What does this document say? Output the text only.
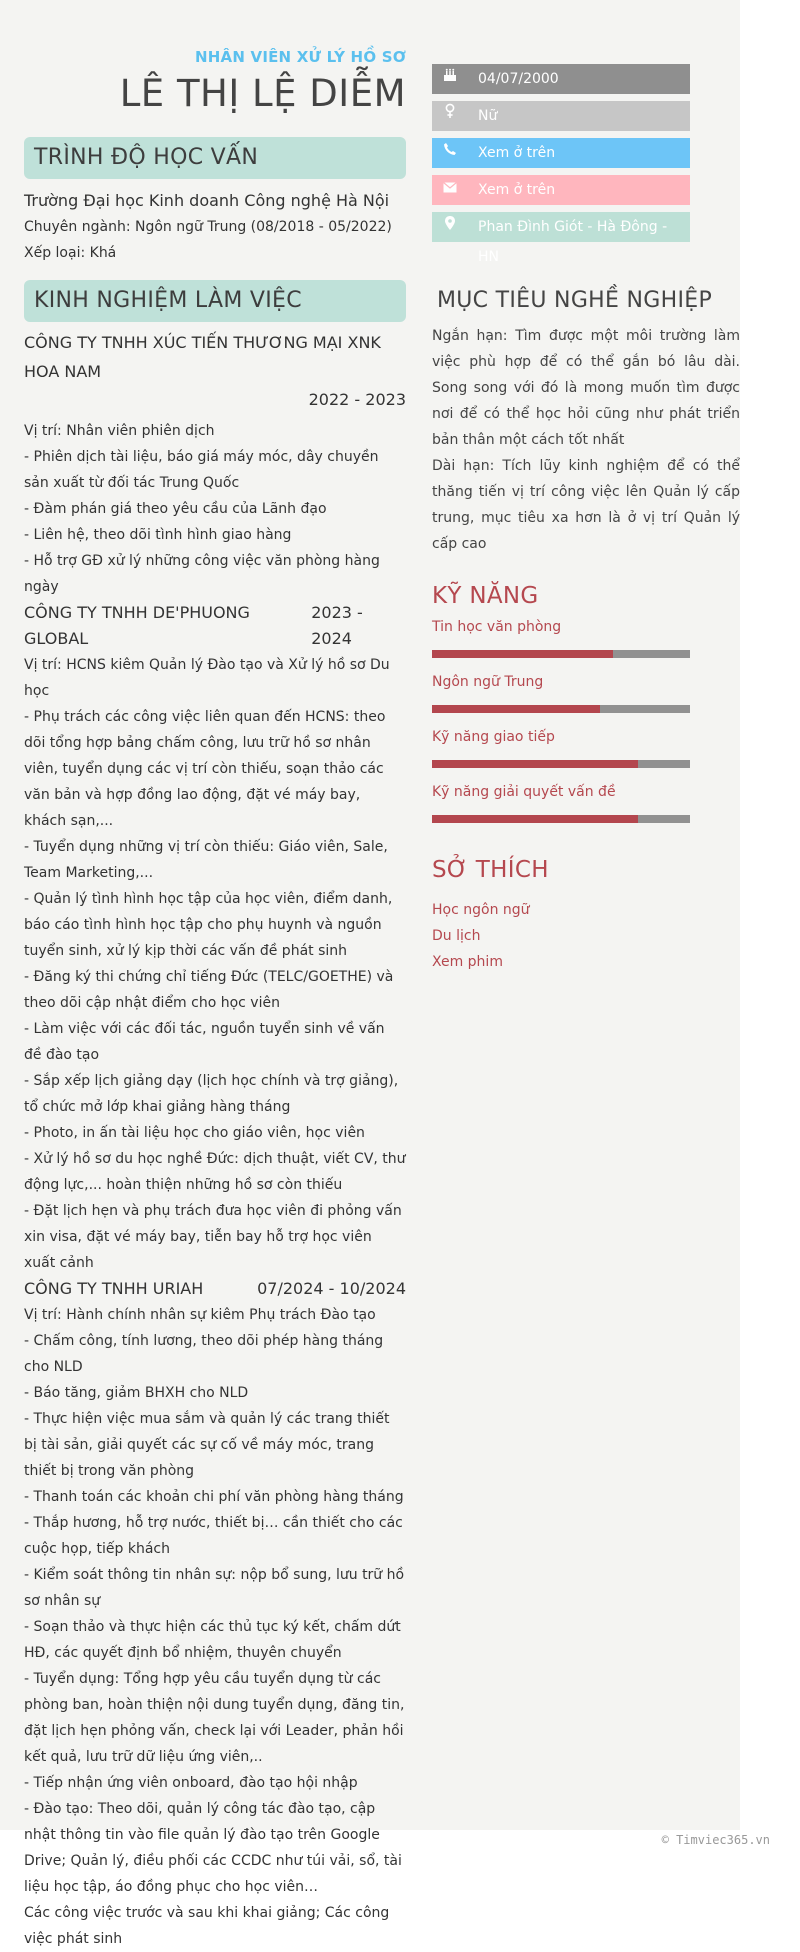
NHÂN VIÊN XỬ LÝ HỒ SƠ
LÊ THỊ LỆ DIỄM
TRÌNH ĐỘ HỌC VẤN
Trường Đại học Kinh doanh Công nghệ Hà Nội
Chuyên ngành: Ngôn ngữ Trung (08/2018 - 05/2022)
Xếp loại: Khá
KINH NGHIỆM LÀM VIỆC
CÔNG TY TNHH XÚC TIẾN THƯƠNG MẠI XNK HOA NAM
2022 - 2023
Vị trí: Nhân viên phiên dịch
- Phiên dịch tài liệu, báo giá máy móc, dây chuyền sản xuất từ đối tác Trung Quốc
- Đàm phán giá theo yêu cầu của Lãnh đạo
- Liên hệ, theo dõi tình hình giao hàng
- Hỗ trợ GĐ xử lý những công việc văn phòng hàng ngày
CÔNG TY TNHH DE'PHUONG GLOBAL
2023 - 2024
Vị trí: HCNS kiêm Quản lý Đào tạo và Xử lý hồ sơ Du học
- Phụ trách các công việc liên quan đến HCNS: theo dõi tổng hợp bảng chấm công, lưu trữ hồ sơ nhân viên, tuyển dụng các vị trí còn thiếu, soạn thảo các văn bản và hợp đồng lao động, đặt vé máy bay, khách sạn,...
- Tuyển dụng những vị trí còn thiếu: Giáo viên, Sale, Team Marketing,...
- Quản lý tình hình học tập của học viên, điểm danh, báo cáo tình hình học tập cho phụ huynh và nguồn tuyển sinh, xử lý kịp thời các vấn đề phát sinh
- Đăng ký thi chứng chỉ tiếng Đức (TELC/GOETHE) và theo dõi cập nhật điểm cho học viên
- Làm việc với các đối tác, nguồn tuyển sinh về vấn đề đào tạo
- Sắp xếp lịch giảng dạy (lịch học chính và trợ giảng), tổ chức mở lớp khai giảng hàng tháng
- Photo, in ấn tài liệu học cho giáo viên, học viên
- Xử lý hồ sơ du học nghề Đức: dịch thuật, viết CV, thư động lực,... hoàn thiện những hồ sơ còn thiếu
- Đặt lịch hẹn và phụ trách đưa học viên đi phỏng vấn xin visa, đặt vé máy bay, tiễn bay hỗ trợ học viên xuất cảnh
CÔNG TY TNHH URIAH	07/2024 - 10/2024
Vị trí: Hành chính nhân sự kiêm Phụ trách Đào tạo
- Chấm công, tính lương, theo dõi phép hàng tháng cho NLD
- Báo tăng, giảm BHXH cho NLD
- Thực hiện việc mua sắm và quản lý các trang thiết bị tài sản, giải quyết các sự cố về máy móc, trang thiết bị trong văn phòng
- Thanh toán các khoản chi phí văn phòng hàng tháng
- Thắp hương, hỗ trợ nước, thiết bị… cần thiết cho các cuộc họp, tiếp khách
- Kiểm soát thông tin nhân sự: nộp bổ sung, lưu trữ hồ sơ nhân sự
- Soạn thảo và thực hiện các thủ tục ký kết, chấm dứt HĐ, các quyết định bổ nhiệm, thuyên chuyển
- Tuyển dụng: Tổng hợp yêu cầu tuyển dụng từ các phòng ban, hoàn thiện nội dung tuyển dụng, đăng tin, đặt lịch hẹn phỏng vấn, check lại với Leader, phản hồi kết quả, lưu trữ dữ liệu ứng viên,..
- Tiếp nhận ứng viên onboard, đào tạo hội nhập
- Đào tạo: Theo dõi, quản lý công tác đào tạo, cập nhật thông tin vào file quản lý đào tạo trên Google Drive; Quản lý, điều phối các CCDC như túi vải, sổ, tài liệu học tập, áo đồng phục cho học viên…
Các công việc trước và sau khi khai giảng; Các công việc phát sinh
04/07/2000
Nữ
Xem ở trên
Xem ở trên
Phan Đình Giót - Hà Đông - HN
MỤC TIÊU NGHỀ NGHIỆP
Ngắn hạn: Tìm được một môi trường làm việc phù hợp để có thể gắn bó lâu dài. Song song với đó là mong muốn tìm được nơi để có thể học hỏi cũng như phát triển bản thân một cách tốt nhất
Dài hạn: Tích lũy kinh nghiệm để có thể thăng tiến vị trí công việc lên Quản lý cấp trung, mục tiêu xa hơn là ở vị trí Quản lý cấp cao
KỸ NĂNG
Tin học văn phòng
Ngôn ngữ Trung
Kỹ năng giao tiếp
Kỹ năng giải quyết vấn đề
SỞ THÍCH
Học ngôn ngữ
Du lịch
Xem phim
© Timviec365.vn
